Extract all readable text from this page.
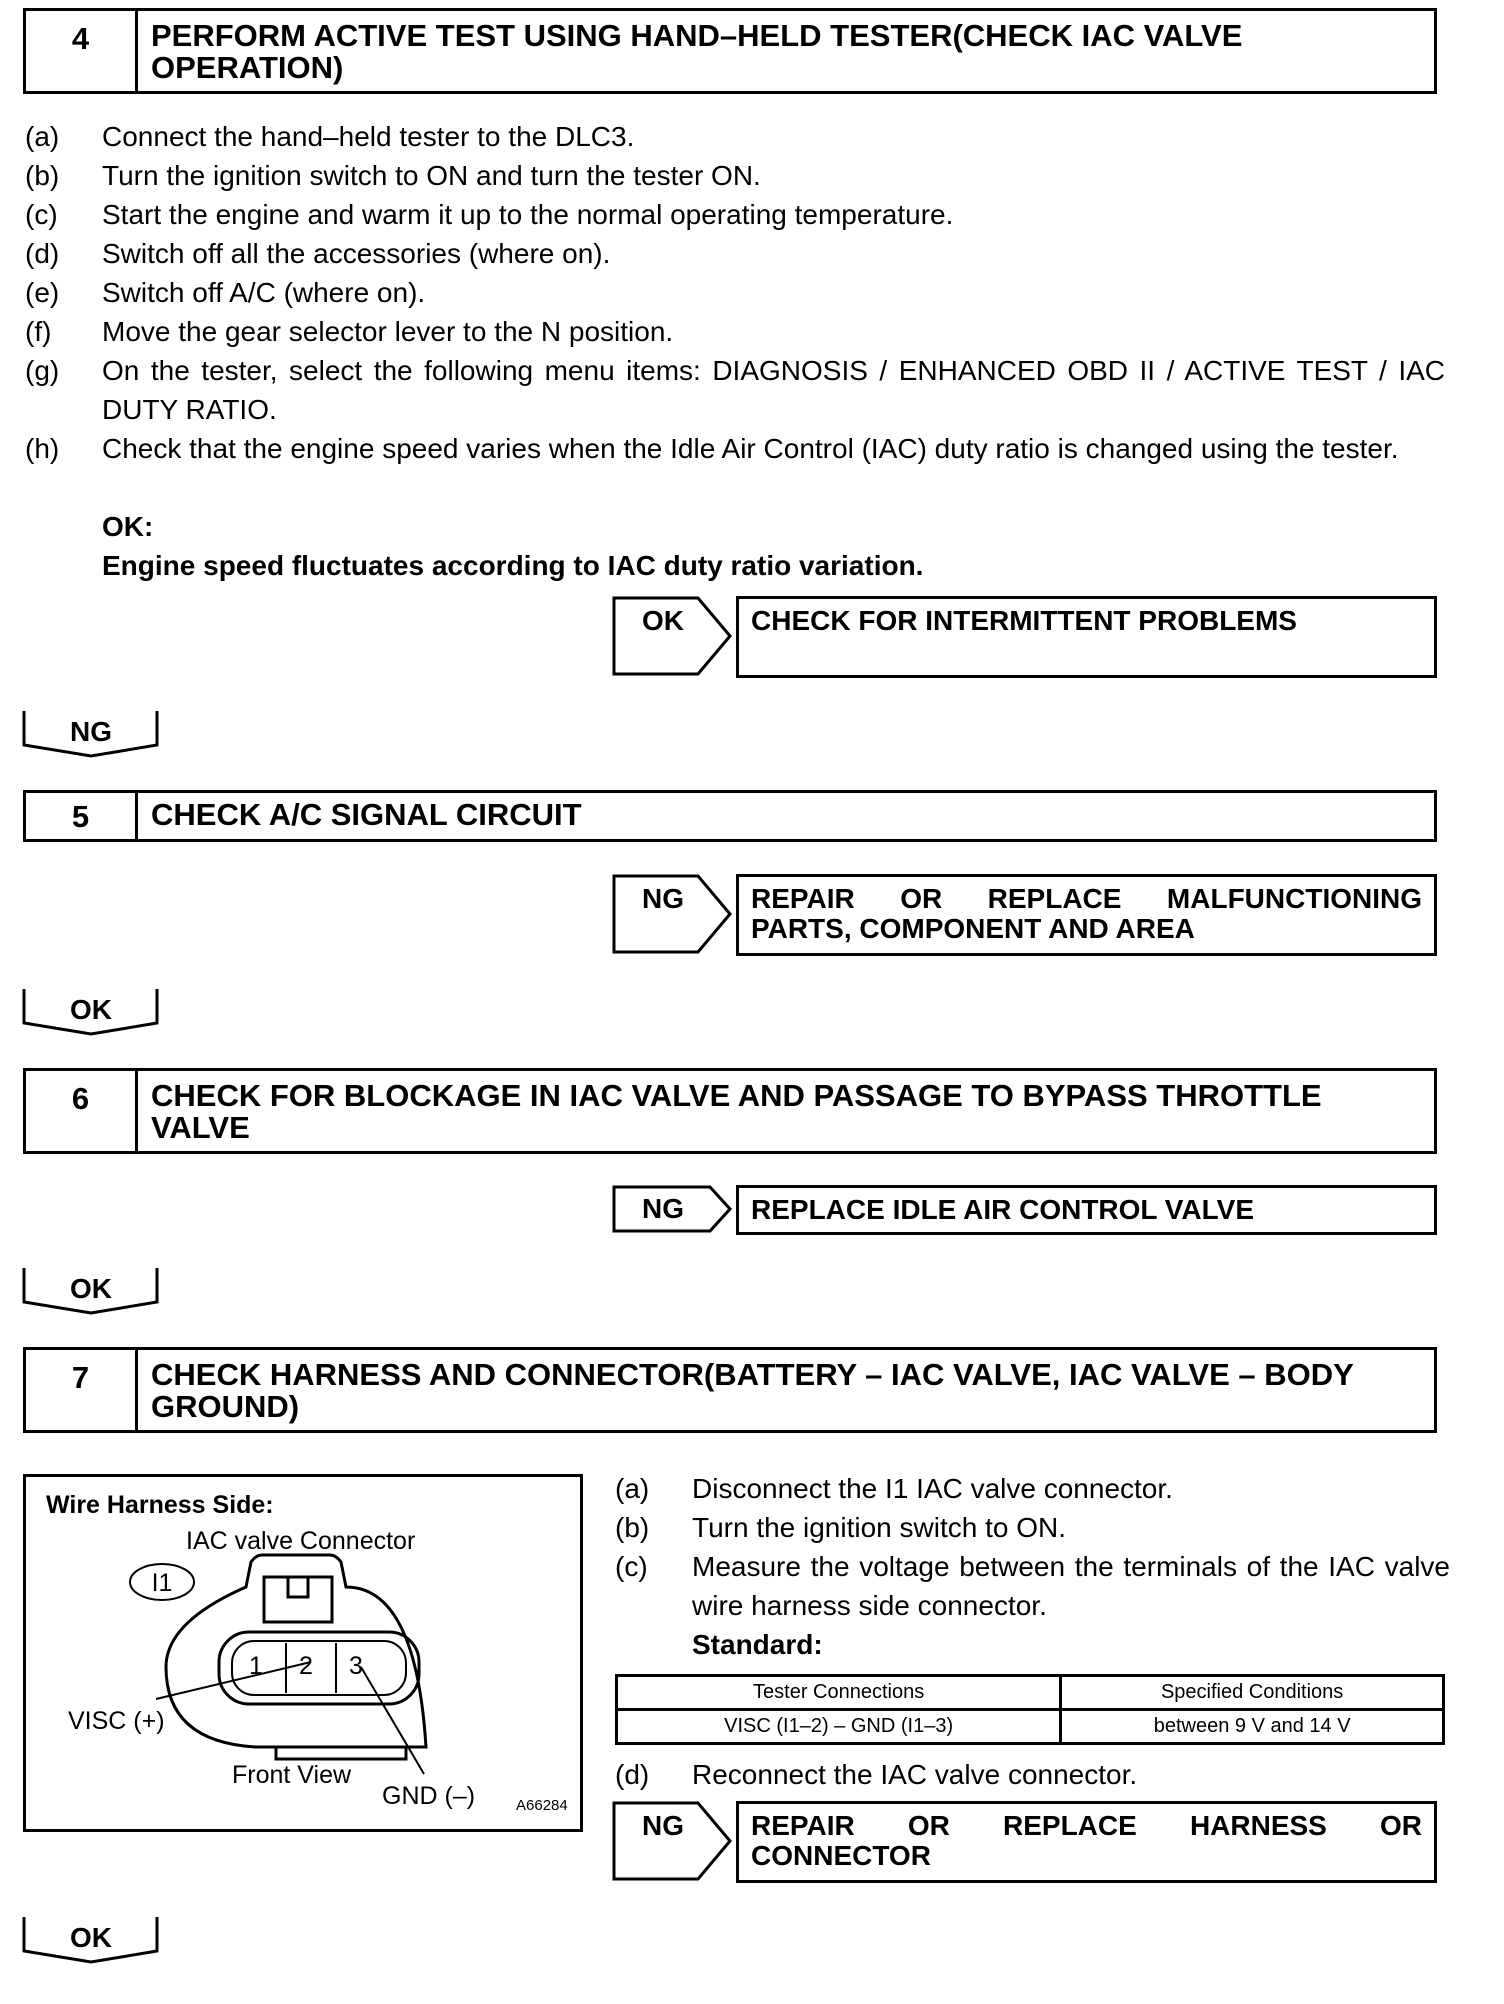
4	PERFORM ACTIVE TEST USING HAND–HELD TESTER(CHECK IAC VALVE
OPERATION)
(a) Connect the hand–held tester to the DLC3.
(b) Turn the ignition switch to ON and turn the tester ON.
(c) Start the engine and warm it up to the normal operating temperature.
(d) Switch off all the accessories (where on).
(e) Switch off A/C (where on).
(f) Move the gear selector lever to the N position.
(g) On the tester, select the following menu items: DIAGNOSIS / ENHANCED OBD II / ACTIVE TEST / IAC DUTY RATIO.
(h) Check that the engine speed varies when the Idle Air Control (IAC) duty ratio is changed using the tester.
OK:
Engine speed fluctuates according to IAC duty ratio variation.
OK	CHECK FOR INTERMITTENT PROBLEMS
NG
5	CHECK A/C SIGNAL CIRCUIT
NG REPAIR OR REPLACE MALFUNCTIONING
PARTS, COMPONENT AND AREA
OK
6	CHECK FOR BLOCKAGE IN IAC VALVE AND PASSAGE TO BYPASS THROTTLE
VALVE
NG	REPLACE IDLE AIR CONTROL VALVE
OK
7	CHECK HARNESS AND CONNECTOR(BATTERY – IAC VALVE, IAC VALVE – BODY
GROUND)
Wire Harness Side:
IAC valve Connector
I1
1 2 3
VISC (+)
Front View
GND (–)	A66284
(a) Disconnect the I1 IAC valve connector.
(b) Turn the ignition switch to ON.
(c) Measure the voltage between the terminals of the IAC valve wire harness side connector.
Standard:
Tester Connections	Specified Conditions
VISC (I1–2) – GND (I1–3)	between 9 V and 14 V
(d) Reconnect the IAC valve connector.
NG REPAIR OR REPLACE HARNESS OR
CONNECTOR
OK
